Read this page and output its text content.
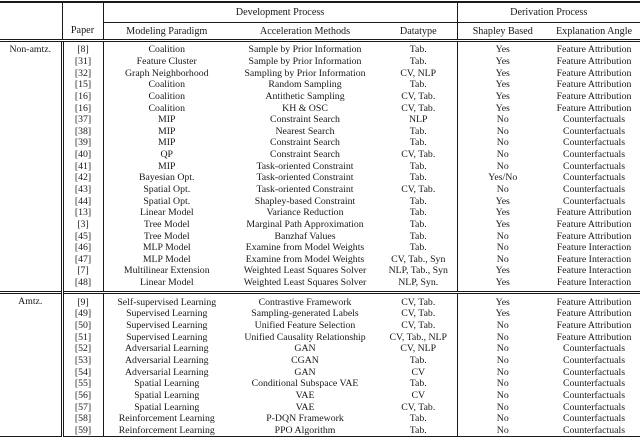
		Development Process			Derivation Process	
	Paper	Modeling Paradigm	Acceleration Methods	Datatype	Shapley Based	Explanation Angle
Non-amtz.	[8]	Coalition	Sample by Prior Information	Tab.	Yes	Feature Attribution
	[31]	Feature Cluster	Sample by Prior Information	Tab.	Yes	Feature Attribution
	[32]	Graph Neighborhood	Sampling by Prior Information	CV, NLP	Yes	Feature Attribution
	[15]	Coalition	Random Sampling	Tab.	Yes	Feature Attribution
	[16]	Coalition	Antithetic Sampling	CV, Tab.	Yes	Feature Attribution
	[16]	Coalition	KH & OSC	CV, Tab.	Yes	Feature Attribution
	[37]	MIP	Constraint Search	NLP	No	Counterfactuals
	[38]	MIP	Nearest Search	Tab.	No	Counterfactuals
	[39]	MIP	Constraint Search	Tab.	No	Counterfactuals
	[40]	QP	Constraint Search	CV, Tab.	No	Counterfactuals
	[41]	MIP	Task-oriented Constraint	Tab.	No	Counterfactuals
	[42]	Bayesian Opt.	Task-oriented Constraint	Tab.	Yes/No	Counterfactuals
	[43]	Spatial Opt.	Task-oriented Constraint	CV, Tab.	No	Counterfactuals
	[44]	Spatial Opt.	Shapley-based Constraint	Tab.	Yes	Counterfactuals
	[13]	Linear Model	Variance Reduction	Tab.	Yes	Feature Attribution
	[3]	Tree Model	Marginal Path Approximation	Tab.	Yes	Feature Attribution
	[45]	Tree Model	Banzhaf Values	Tab.	No	Feature Attribution
	[46]	MLP Model	Examine from Model Weights	Tab.	No	Feature Interaction
	[47]	MLP Model	Examine from Model Weights	CV, Tab., Syn	No	Feature Interaction
	[7]	Multilinear Extension	Weighted Least Squares Solver	NLP, Tab., Syn	Yes	Feature Interaction
	[48]	Linear Model	Weighted Least Squares Solver	NLP, Syn.	Yes	Feature Interaction
Amtz.	[9]	Self-supervised Learning	Contrastive Framework	CV, Tab.	Yes	Feature Attribution
	[49]	Supervised Learning	Sampling-generated Labels	CV, Tab.	Yes	Feature Attribution
	[50]	Supervised Learning	Unified Feature Selection	CV, Tab.	No	Feature Attribution
	[51]	Supervised Learning	Unified Causality Relationship	CV, Tab., NLP	No	Feature Attribution
	[52]	Adversarial Learning	GAN	CV, NLP	No	Counterfactuals
	[53]	Adversarial Learning	CGAN	Tab.	No	Counterfactuals
	[54]	Adversarial Learning	GAN	CV	No	Counterfactuals
	[55]	Spatial Learning	Conditional Subspace VAE	Tab.	No	Counterfactuals
	[56]	Spatial Learning	VAE	CV	No	Counterfactuals
	[57]	Spatial Learning	VAE	CV, Tab.	No	Counterfactuals
	[58]	Reinforcement Learning	P-DQN Framework	Tab.	No	Counterfactuals
	[59]	Reinforcement Learning	PPO Algorithm	Tab.	No	Counterfactuals
